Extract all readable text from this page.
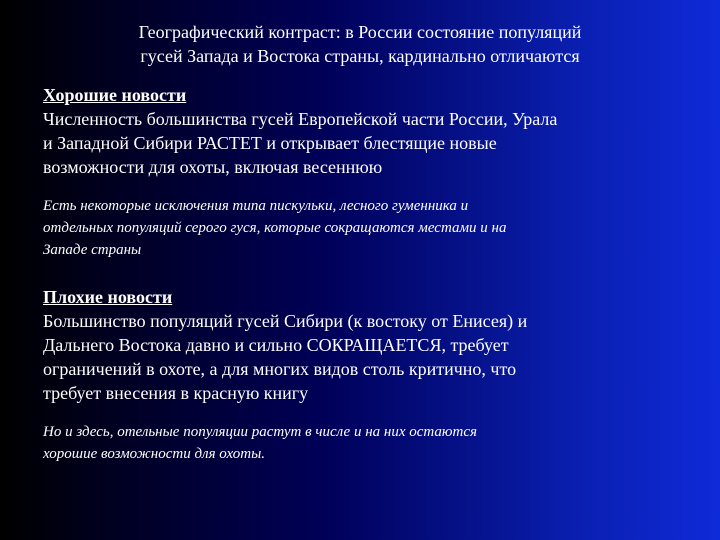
Географический контраст: в России состояние популяций
гусей Запада и Востока страны, кардинально отличаются

Хорошие новости

Численность большинства гусей Европейской части России, Урала

и Западной Сибири РАСТЕТ и открывает блестящие новые

возможности для охоты, включая весеннюю

Есть некоторые исключения типа пискульки, лесного гуменника и

отдельных популяций серого гуся, которые сокращаются местами и на

Западе страны

Плохие новости

Большинство популяций гусей Сибири (к востоку от Енисея) и

Дальнего Востока давно и сильно СОКРАЩАЕТСЯ, требует

ограничений в охоте, а для многих видов столь критично, что

требует внесения в красную книгу

Но и здесь, отельные популяции растут в числе и на них остаются

хорошие возможности для охоты.
